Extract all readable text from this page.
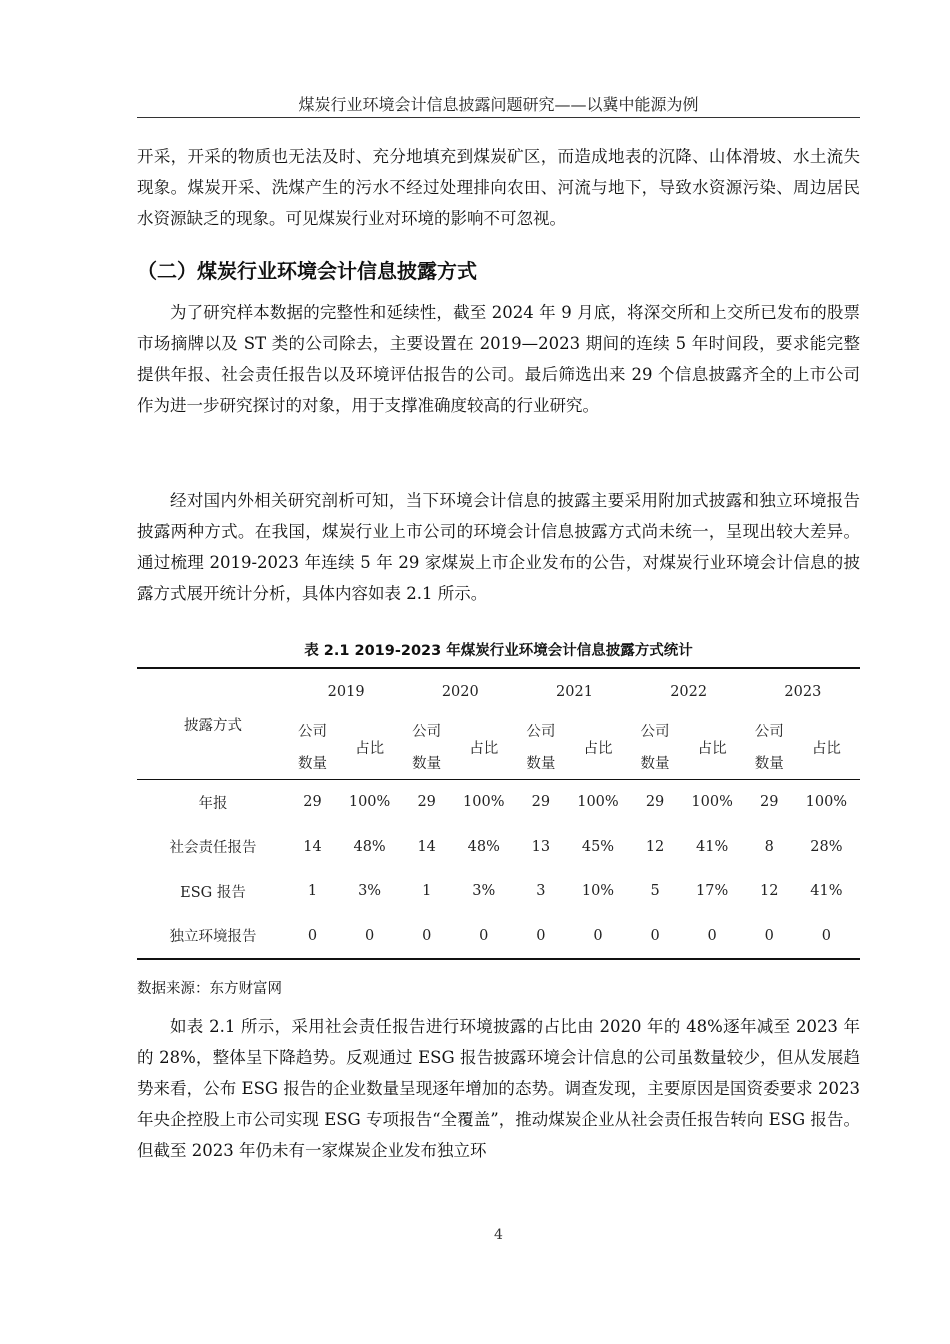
煤炭行业环境会计信息披露问题研究——以冀中能源为例

开采，开采的物质也无法及时、充分地填充到煤炭矿区，而造成地表的沉降、山体滑坡、水土流失现象。煤炭开采、洗煤产生的污水不经过处理排向农田、河流与地下，导致水资源污染、周边居民水资源缺乏的现象。可见煤炭行业对环境的影响不可忽视。

（二）煤炭行业环境会计信息披露方式

为了研究样本数据的完整性和延续性，截至 2024 年 9 月底，将深交所和上交所已发布的股票市场摘牌以及 ST 类的公司除去，主要设置在 2019—2023 期间的连续 5 年时间段，要求能完整提供年报、社会责任报告以及环境评估报告的公司。最后筛选出来 29 个信息披露齐全的上市公司作为进一步研究探讨的对象，用于支撑准确度较高的行业研究。

经对国内外相关研究剖析可知，当下环境会计信息的披露主要采用附加式披露和独立环境报告披露两种方式。在我国，煤炭行业上市公司的环境会计信息披露方式尚未统一，呈现出较大差异。通过梳理 2019-2023 年连续 5 年 29 家煤炭上市企业发布的公告，对煤炭行业环境会计信息的披露方式展开统计分析，具体内容如表 2.1 所示。

表 2.1 2019-2023 年煤炭行业环境会计信息披露方式统计
披露方式	2019		2020		2021		2022		2023	
	公司	占比	公司	占比	公司	占比	公司	占比	公司	占比
	数量		数量		数量		数量		数量	
年报	29	100%	29	100%	29	100%	29	100%	29	100%
社会责任报告	14	48%	14	48%	13	45%	12	41%	8	28%
ESG 报告	1	3%	1	3%	3	10%	5	17%	12	41%
独立环境报告	0	0	0	0	0	0	0	0	0	0
数据来源：东方财富网

如表 2.1 所示，采用社会责任报告进行环境披露的占比由 2020 年的 48%逐年减至 2023 年的 28%，整体呈下降趋势。反观通过 ESG 报告披露环境会计信息的公司虽数量较少，但从发展趋势来看，公布 ESG 报告的企业数量呈现逐年增加的态势。调查发现，主要原因是国资委要求 2023 年央企控股上市公司实现 ESG 专项报告“全覆盖”，推动煤炭企业从社会责任报告转向 ESG 报告。但截至 2023 年仍未有一家煤炭企业发布独立环

4
